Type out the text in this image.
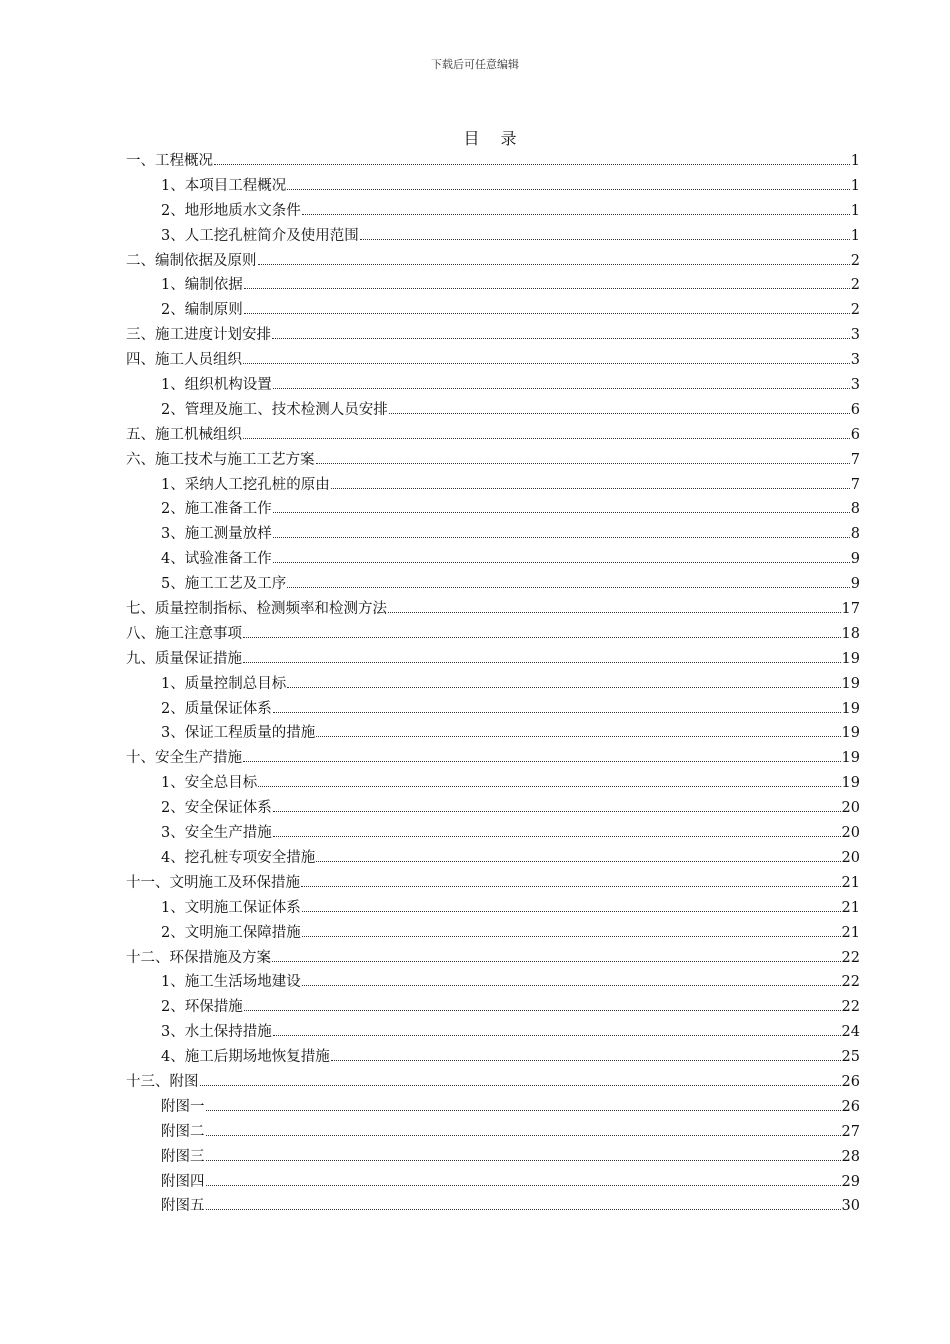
下载后可任意编辑
目 录
一、工程概况	1
1、本项目工程概况	1
2、地形地质水文条件	1
3、人工挖孔桩简介及使用范围	1
二、编制依据及原则	2
1、编制依据	2
2、编制原则	2
三、施工进度计划安排	3
四、施工人员组织	3
1、组织机构设置	3
2、管理及施工、技术检测人员安排	6
五、施工机械组织	6
六、施工技术与施工工艺方案	7
1、采纳人工挖孔桩的原由	7
2、施工准备工作	8
3、施工测量放样	8
4、试验准备工作	9
5、施工工艺及工序	9
七、质量控制指标、检测频率和检测方法	17
八、施工注意事项	18
九、质量保证措施	19
1、质量控制总目标	19
2、质量保证体系	19
3、保证工程质量的措施	19
十、安全生产措施	19
1、安全总目标	19
2、安全保证体系	20
3、安全生产措施	20
4、挖孔桩专项安全措施	20
十一、文明施工及环保措施	21
1、文明施工保证体系	21
2、文明施工保障措施	21
十二、环保措施及方案	22
1、施工生活场地建设	22
2、环保措施	22
3、水土保持措施	24
4、施工后期场地恢复措施	25
十三、附图	26
附图一	26
附图二	27
附图三	28
附图四	29
附图五	30
